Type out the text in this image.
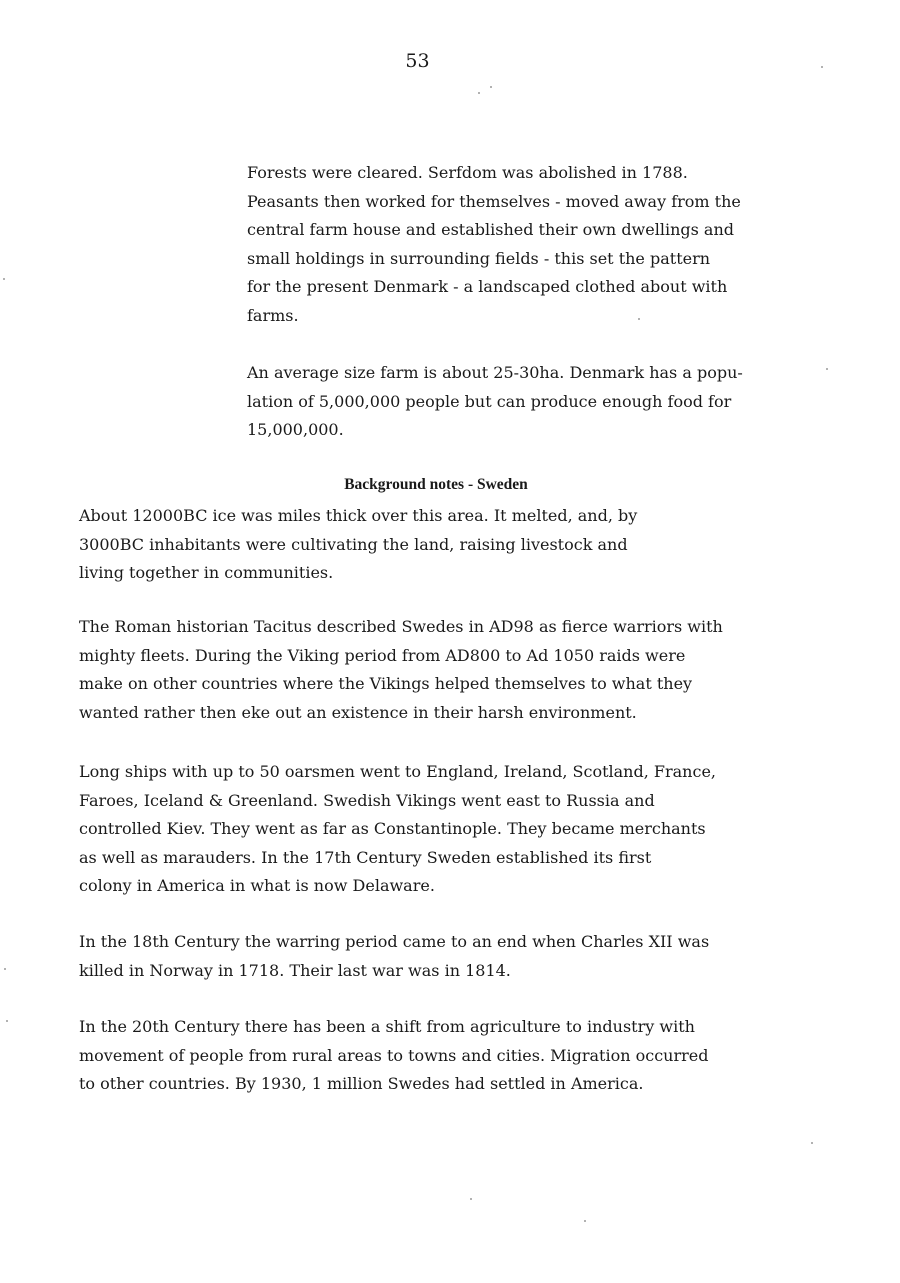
53
Forests were cleared. Serfdom was abolished in 1788.
Peasants then worked for themselves - moved away from the
central farm house and established their own dwellings and
small holdings in surrounding fields - this set the pattern
for the present Denmark - a landscaped clothed about with
farms.
An average size farm is about 25-30ha. Denmark has a popu-
lation of 5,000,000 people but can produce enough food for
15,000,000.
Background notes - Sweden
About 12000BC ice was miles thick over this area. It melted, and, by
3000BC inhabitants were cultivating the land, raising livestock and
living together in communities.
The Roman historian Tacitus described Swedes in AD98 as fierce warriors with
mighty fleets. During the Viking period from AD800 to Ad 1050 raids were
make on other countries where the Vikings helped themselves to what they
wanted rather then eke out an existence in their harsh environment.
Long ships with up to 50 oarsmen went to England, Ireland, Scotland, France,
Faroes, Iceland & Greenland. Swedish Vikings went east to Russia and
controlled Kiev. They went as far as Constantinople. They became merchants
as well as marauders. In the 17th Century Sweden established its first
colony in America in what is now Delaware.
In the 18th Century the warring period came to an end when Charles XII was
killed in Norway in 1718. Their last war was in 1814.
In the 20th Century there has been a shift from agriculture to industry with
movement of people from rural areas to towns and cities. Migration occurred
to other countries. By 1930, 1 million Swedes had settled in America.
